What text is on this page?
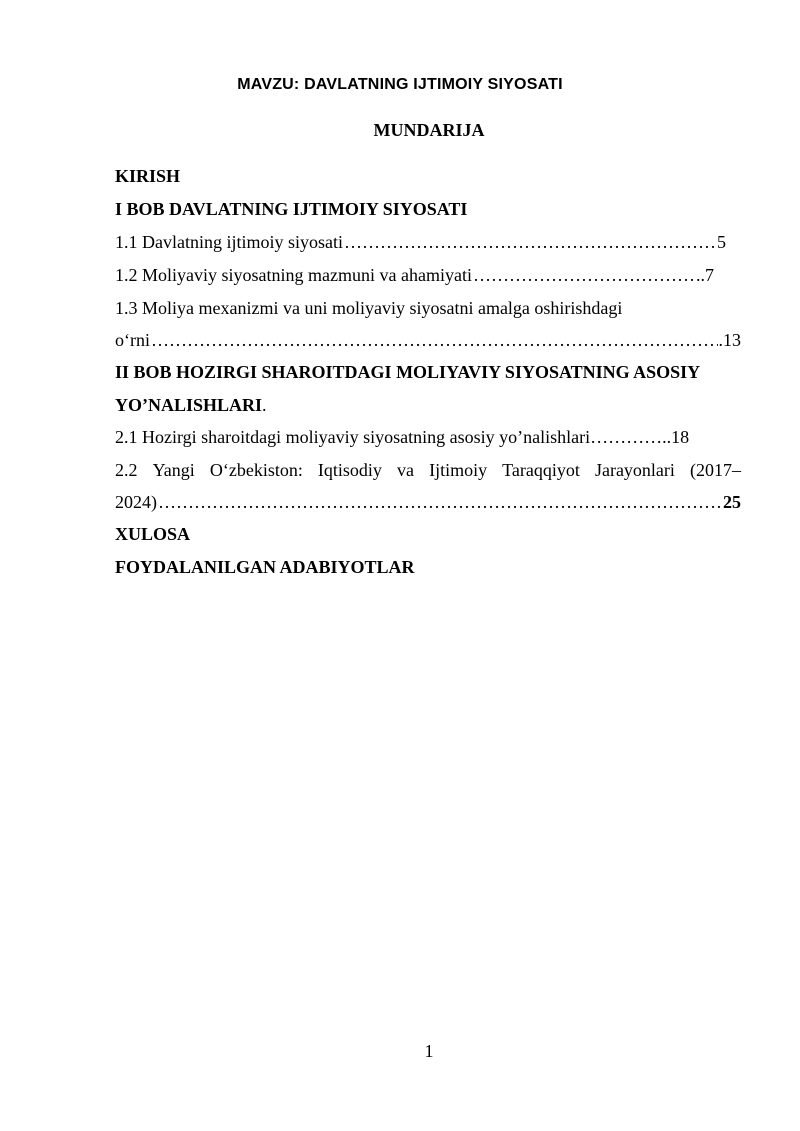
MAVZU: DAVLATNING IJTIMOIY SIYOSATI
MUNDARIJA
KIRISH
I BOB DAVLATNING IJTIMOIY SIYOSATI
1.1 Davlatning ijtimoiy siyosati …………………………………………………………………………………………………………………………………………………………………………	5
1.2 Moliyaviy siyosatning mazmuni va ahamiyati …………………………………………………………………………………………………………………………………………………………………………	..7
1.3 Moliya mexanizmi va uni moliyaviy siyosatni amalga oshirishdagi
o‘rni …………………………………………………………………………………………………………………………………………………………………………	.13
II BOB HOZIRGI SHAROITDAGI MOLIYAVIY SIYOSATNING ASOSIY
YO’NALISHLARI.
2.1 Hozirgi sharoitdagi moliyaviy siyosatning asosiy yo’nalishlari …………..18
2.2 Yangi O‘zbekiston: Iqtisodiy va Ijtimoiy Taraqqiyot Jarayonlari (2017–
2024) …………………………………………………………………………………………………………………………………………………………………………	25
XULOSA
FOYDALANILGAN ADABIYOTLAR
1
